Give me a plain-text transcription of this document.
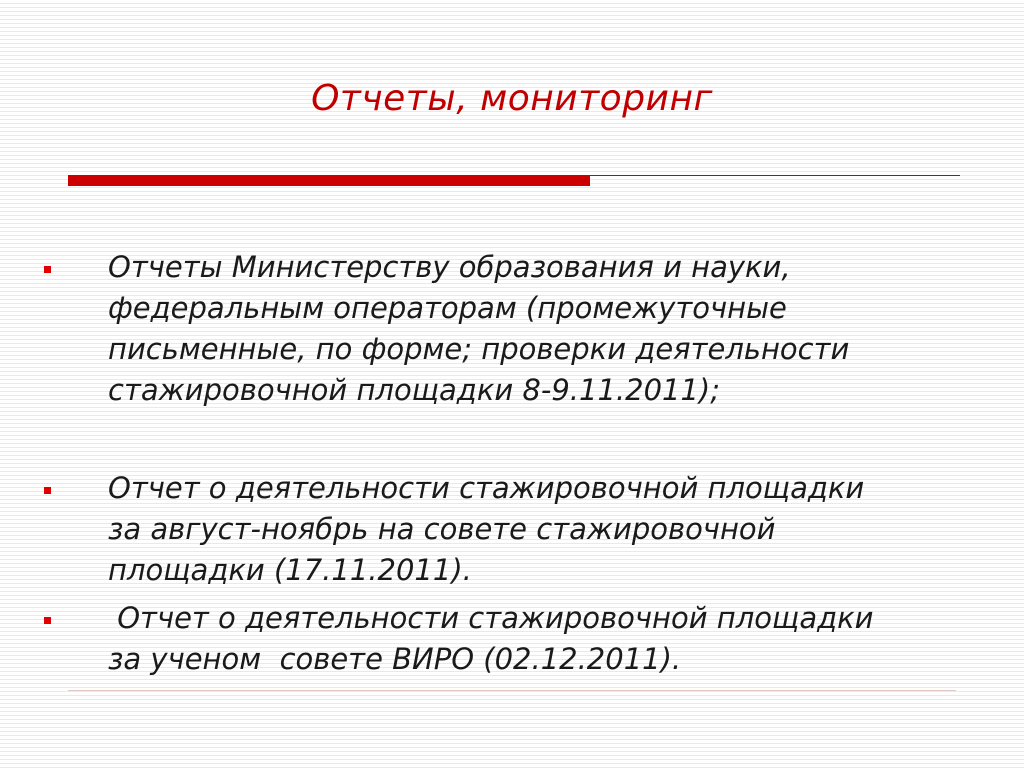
Отчеты, мониторинг

Отчеты Министерству образования и науки,
федеральным операторам (промежуточные
письменные, по форме; проверки деятельности
стажировочной площадки 8-9.11.2011);

Отчет о деятельности стажировочной площадки
за август-ноябрь на совете стажировочной
площадки (17.11.2011).

Отчет о деятельности стажировочной площадки
за ученом  совете ВИРО (02.12.2011).
